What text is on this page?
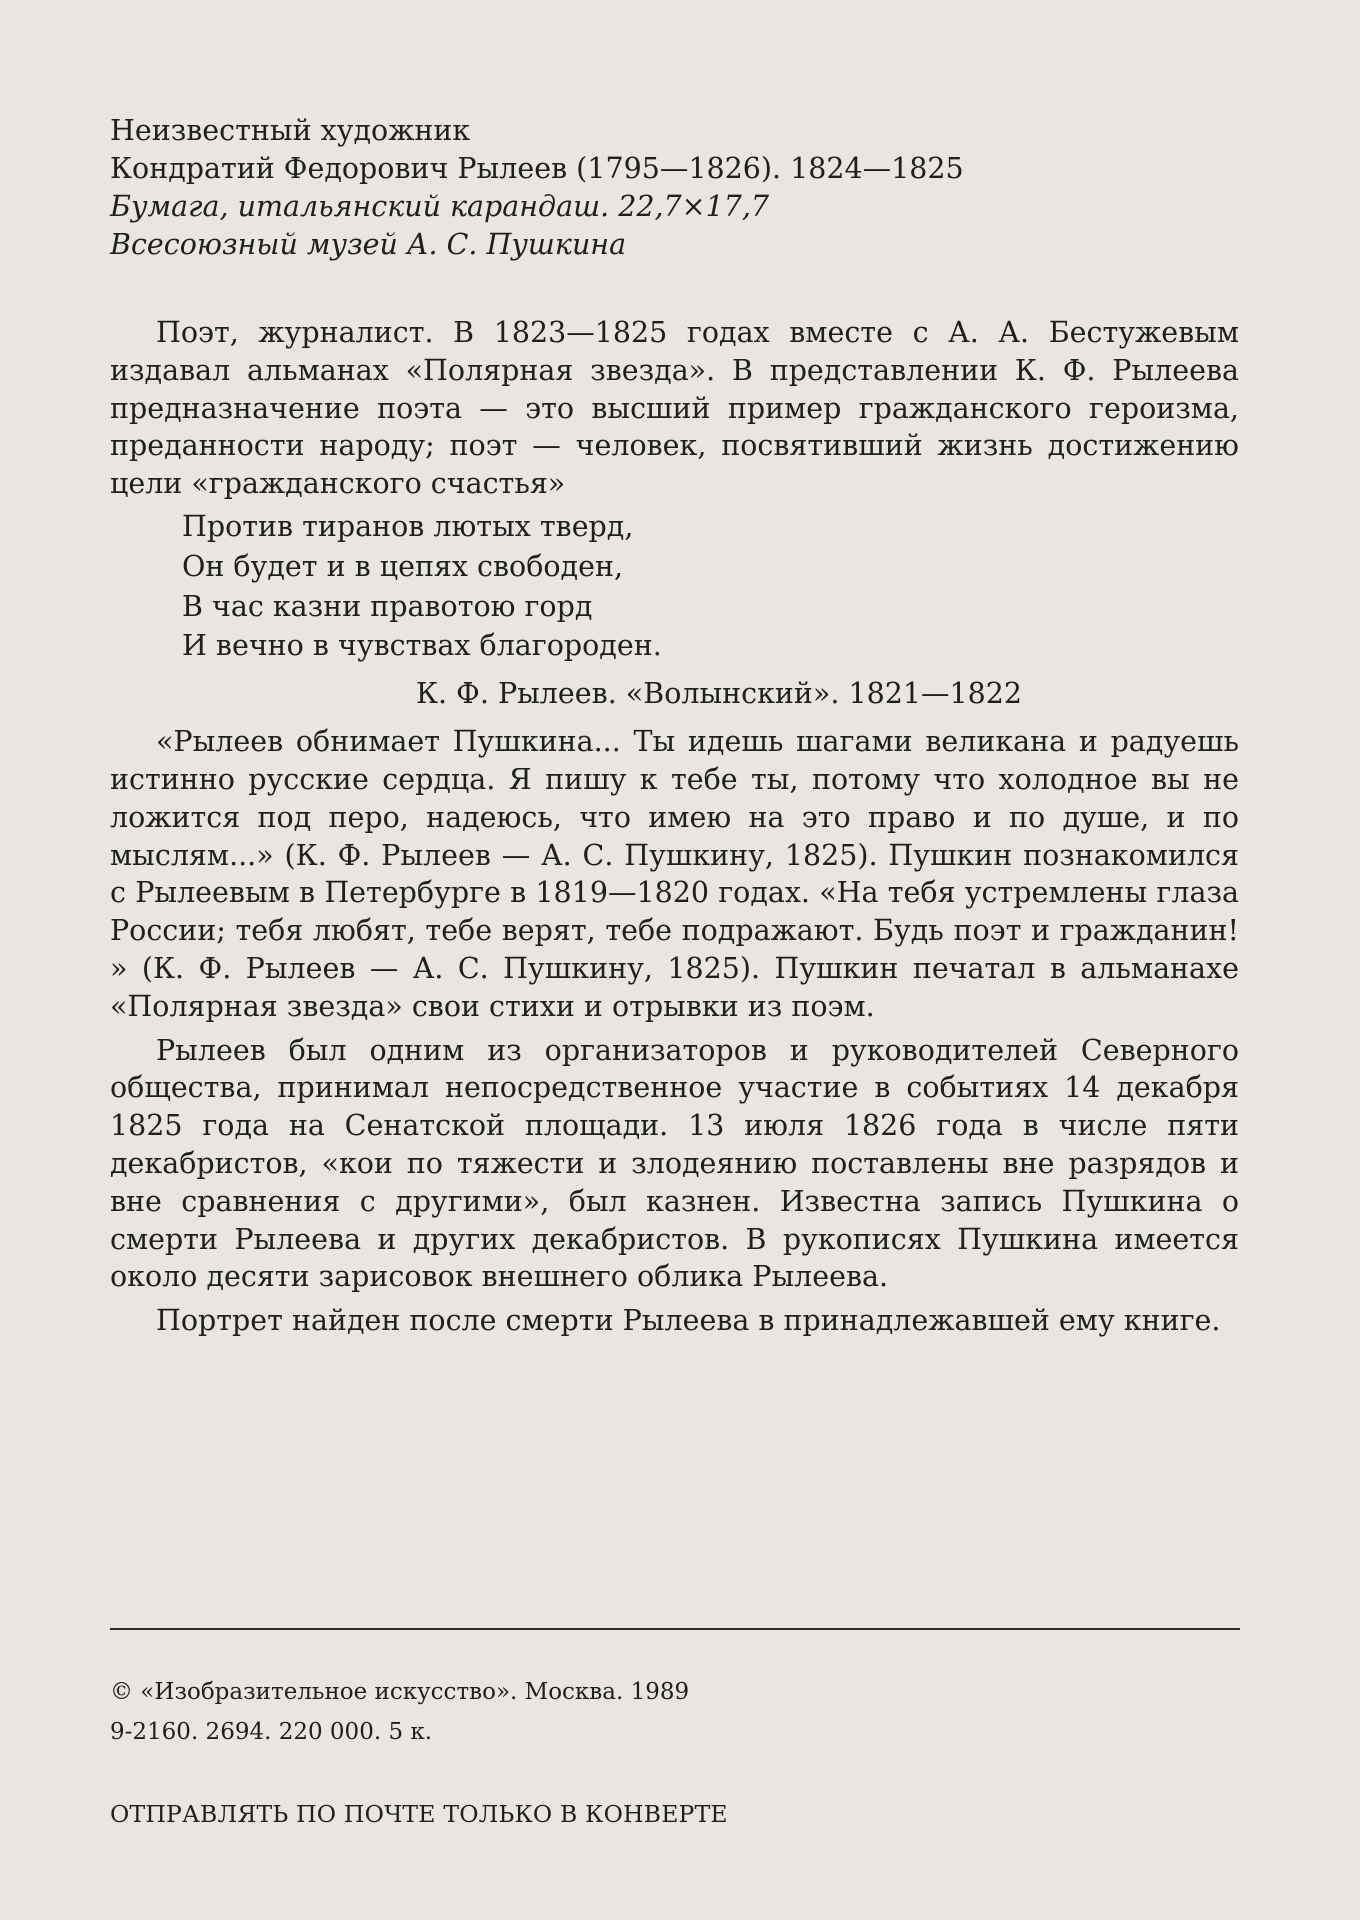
Неизвестный художник
Кондратий Федорович Рылеев (1795—1826). 1824—1825
Бумага, итальянский карандаш. 22,7×17,7
Всесоюзный музей А. С. Пушкина

Поэт, журналист. В 1823—1825 годах вместе с А. А. Бестужевым издавал альманах «Полярная звезда». В представлении К. Ф. Рылеева предназначение поэта — это высший пример гражданского героизма, преданности народу; поэт — человек, посвятивший жизнь достижению цели «гражданского счастья»

Против тиранов лютых тверд,
Он будет и в цепях свободен,
В час казни правотою горд
И вечно в чувствах благороден.
К. Ф. Рылеев. «Волынский». 1821—1822

«Рылеев обнимает Пушкина... Ты идешь шагами великана и радуешь истинно русские сердца. Я пишу к тебе ты, потому что холодное вы не ложится под перо, надеюсь, что имею на это право и по душе, и по мыслям...» (К. Ф. Рылеев — А. С. Пушкину, 1825). Пушкин познакомился с Рылеевым в Петербурге в 1819—1820 годах. «На тебя устремлены глаза России; тебя любят, тебе верят, тебе подражают. Будь поэт и гражданин! » (К. Ф. Рылеев — А. С. Пушкину, 1825). Пушкин печатал в альманахе «Полярная звезда» свои стихи и отрывки из поэм.

Рылеев был одним из организаторов и руководителей Северного общества, принимал непосредственное участие в событиях 14 декабря 1825 года на Сенатской площади. 13 июля 1826 года в числе пяти декабристов, «кои по тяжести и злодеянию поставлены вне разрядов и вне сравнения с другими», был казнен. Известна запись Пушкина о смерти Рылеева и других декабристов. В рукописях Пушкина имеется около десяти зарисовок внешнего облика Рылеева.

Портрет найден после смерти Рылеева в принадлежавшей ему книге.

© «Изобразительное искусство». Москва. 1989
9-2160. 2694. 220 000. 5 к.
ОТПРАВЛЯТЬ ПО ПОЧТЕ ТОЛЬКО В КОНВЕРТЕ
